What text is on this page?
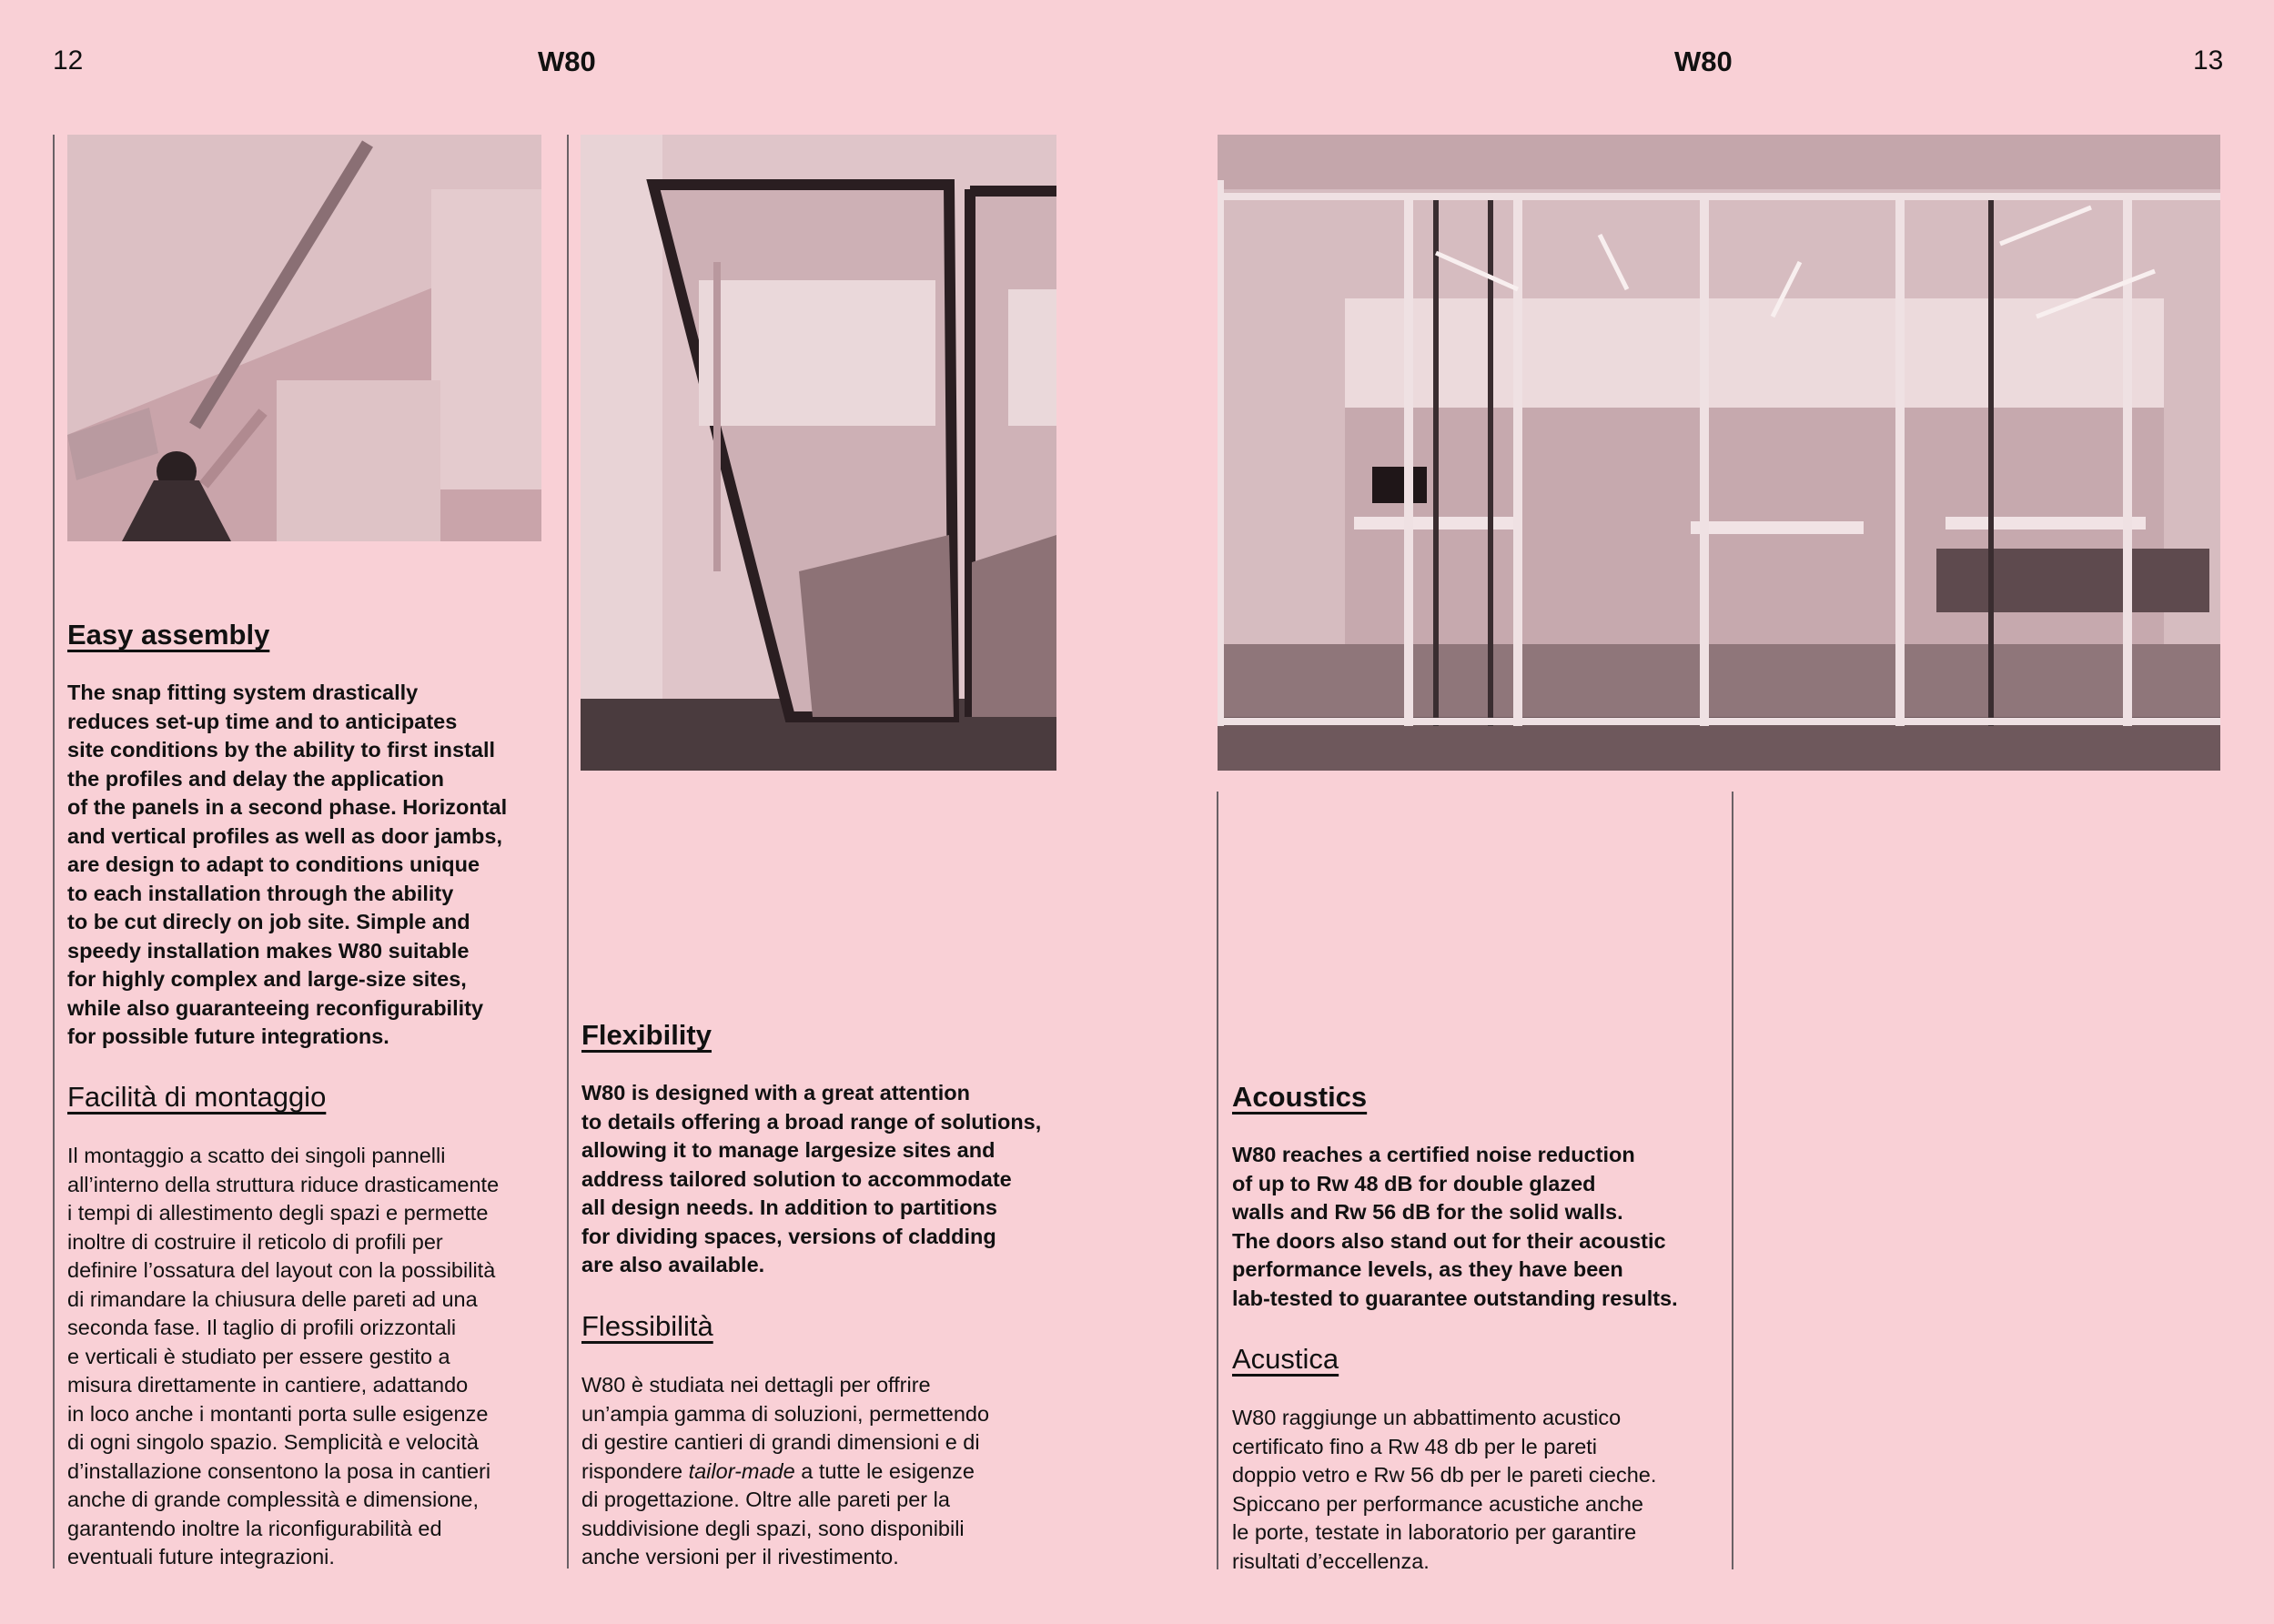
12	W80	W80	13
Easy assembly
The snap fitting system drastically
reduces set-up time and to anticipates
site conditions by the ability to first install
the profiles and delay the application
of the panels in a second phase. Horizontal
and vertical profiles as well as door jambs,
are design to adapt to conditions unique
to each installation through the ability
to be cut direcly on job site. Simple and
speedy installation makes W80 suitable
for highly complex and large-size sites,
while also guaranteeing reconfigurability
for possible future integrations.
Facilità di montaggio
Il montaggio a scatto dei singoli pannelli
all’interno della struttura riduce drasticamente
i tempi di allestimento degli spazi e permette
inoltre di costruire il reticolo di profili per
definire l’ossatura del layout con la possibilità
di rimandare la chiusura delle pareti ad una
seconda fase. Il taglio di profili orizzontali
e verticali è studiato per essere gestito a
misura direttamente in cantiere, adattando
in loco anche i montanti porta sulle esigenze
di ogni singolo spazio. Semplicità e velocità
d’installazione consentono la posa in cantieri
anche di grande complessità e dimensione,
garantendo inoltre la riconfigurabilità ed
eventuali future integrazioni.
Flexibility
W80 is designed with a great attention
to details offering a broad range of solutions,
allowing it to manage largesize sites and
address tailored solution to accommodate
all design needs. In addition to partitions
for dividing spaces, versions of cladding
are also available.
Flessibilità
W80 è studiata nei dettagli per offrire
un’ampia gamma di soluzioni, permettendo
di gestire cantieri di grandi dimensioni e di
rispondere tailor-made a tutte le esigenze
di progettazione. Oltre alle pareti per la
suddivisione degli spazi, sono disponibili
anche versioni per il rivestimento.
Acoustics
W80 reaches a certified noise reduction
of up to Rw 48 dB for double glazed
walls and Rw 56 dB for the solid walls.
The doors also stand out for their acoustic
performance levels, as they have been
lab-tested to guarantee outstanding results.
Acustica
W80 raggiunge un abbattimento acustico
certificato fino a Rw 48 db per le pareti
doppio vetro e Rw 56 db per le pareti cieche.
Spiccano per performance acustiche anche
le porte, testate in laboratorio per garantire
risultati d’eccellenza.
